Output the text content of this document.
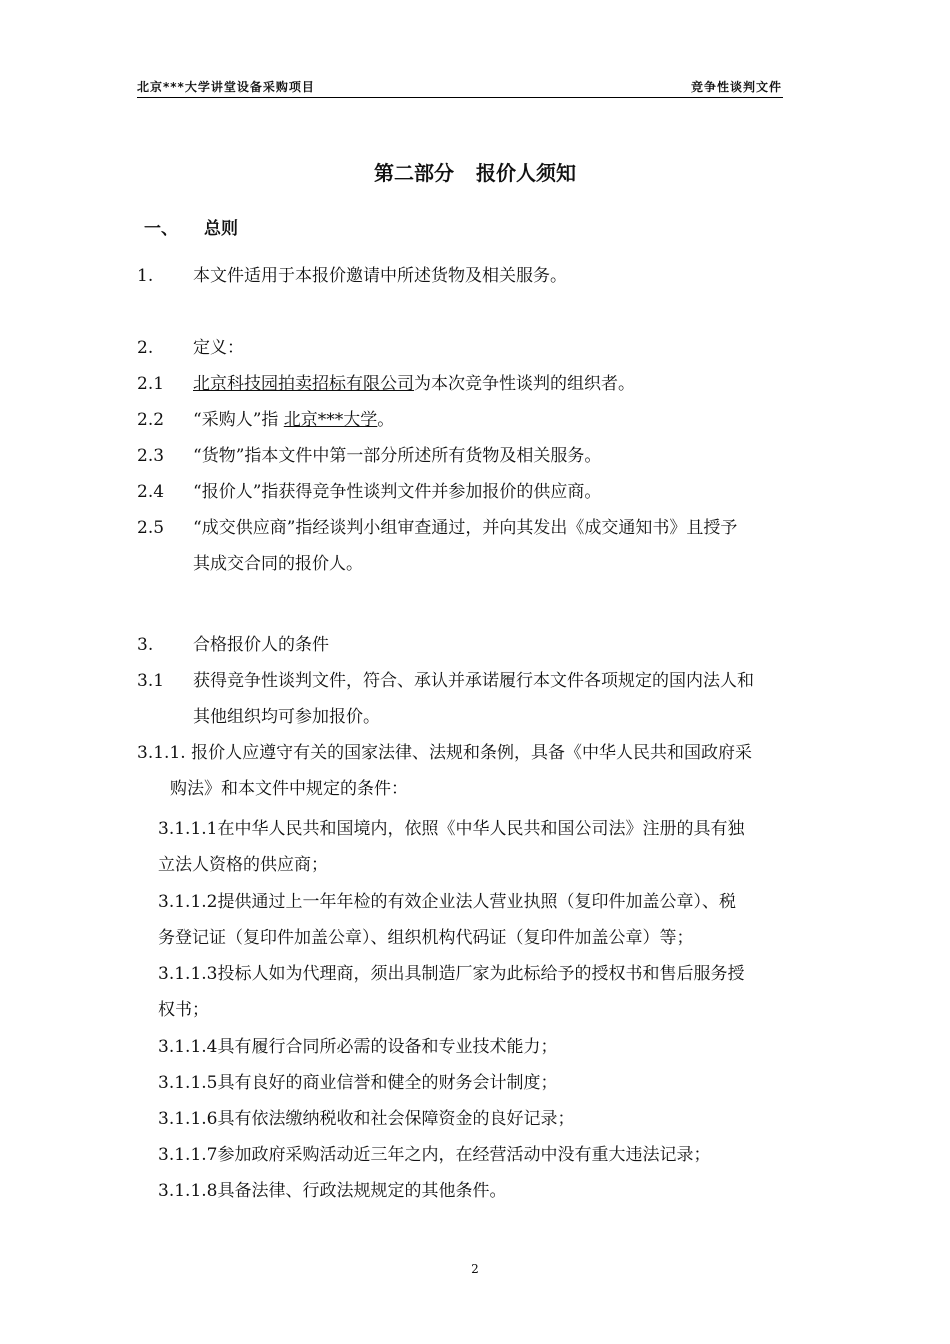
北京***大学讲堂设备采购项目	竞争性谈判文件
第二部分 报价人须知
一、 总则
1. 本文件适用于本报价邀请中所述货物及相关服务。
2. 定义：
2.1 北京科技园拍卖招标有限公司为本次竞争性谈判的组织者。
2.2 “采购人”指 北京***大学。
2.3 “货物”指本文件中第一部分所述所有货物及相关服务。
2.4 “报价人”指获得竞争性谈判文件并参加报价的供应商。
2.5 “成交供应商”指经谈判小组审查通过，并向其发出《成交通知书》且授予
其成交合同的报价人。
3. 合格报价人的条件
3.1 获得竞争性谈判文件，符合、承认并承诺履行本文件各项规定的国内法人和
其他组织均可参加报价。
3.1.1. 报价人应遵守有关的国家法律、法规和条例，具备《中华人民共和国政府采
购法》和本文件中规定的条件：
3.1.1.1在中华人民共和国境内，依照《中华人民共和国公司法》注册的具有独
立法人资格的供应商；
3.1.1.2提供通过上一年年检的有效企业法人营业执照（复印件加盖公章）、税
务登记证（复印件加盖公章）、组织机构代码证（复印件加盖公章）等；
3.1.1.3投标人如为代理商，须出具制造厂家为此标给予的授权书和售后服务授
权书；
3.1.1.4具有履行合同所必需的设备和专业技术能力；
3.1.1.5具有良好的商业信誉和健全的财务会计制度；
3.1.1.6具有依法缴纳税收和社会保障资金的良好记录；
3.1.1.7参加政府采购活动近三年之内，在经营活动中没有重大违法记录；
3.1.1.8具备法律、行政法规规定的其他条件。
2
